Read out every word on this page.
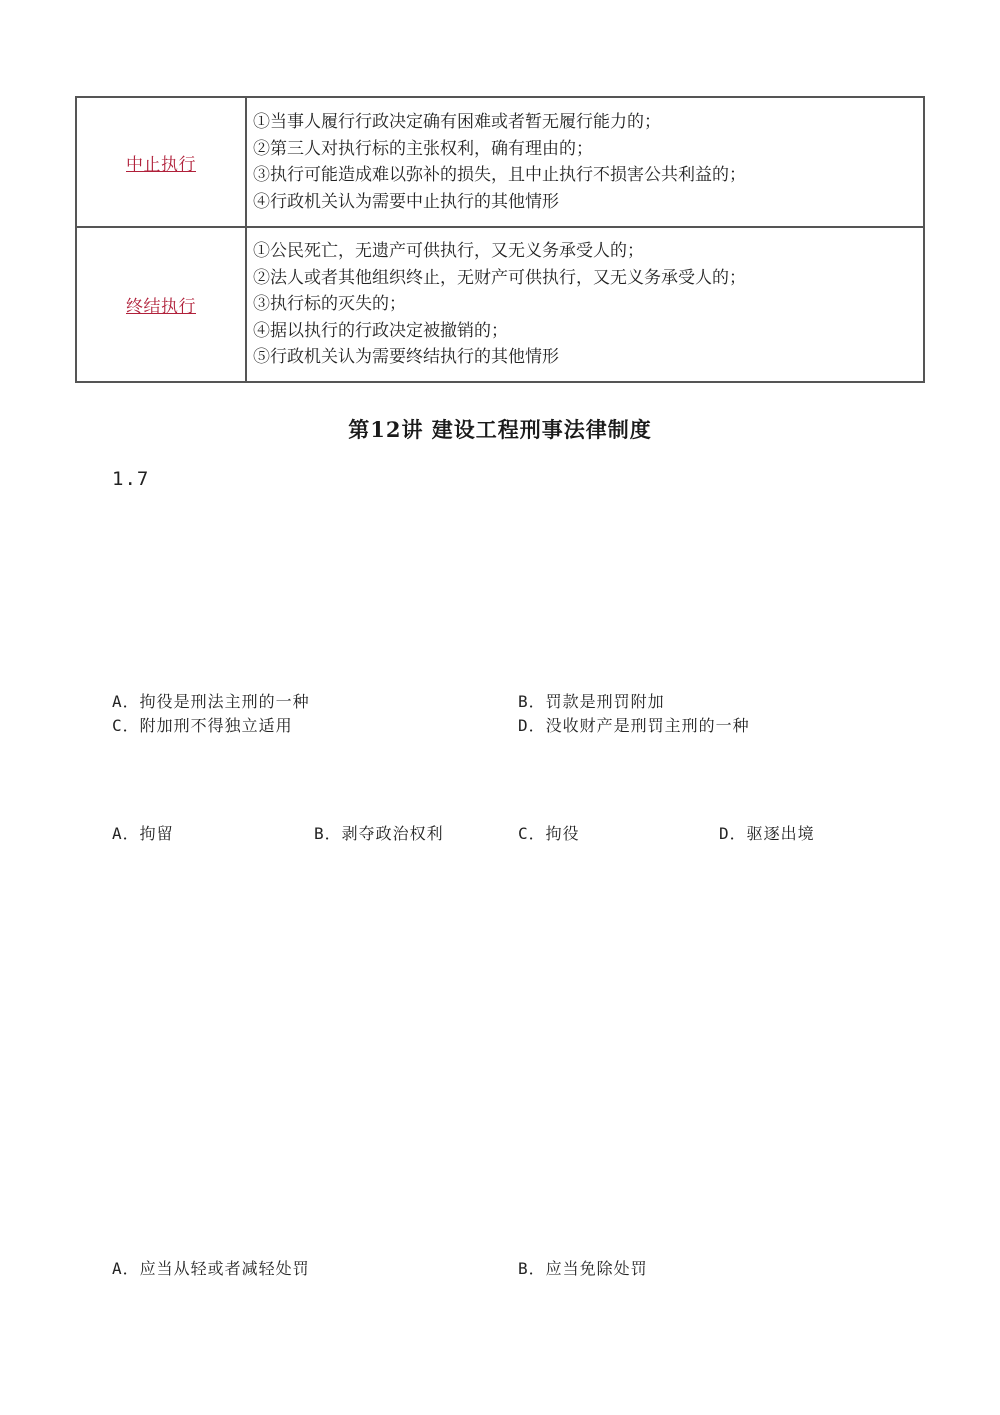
中止执行	①当事人履行行政决定确有困难或者暂无履行能力的；
②第三人对执行标的主张权利，确有理由的；
③执行可能造成难以弥补的损失，且中止执行不损害公共利益的；
④行政机关认为需要中止执行的其他情形

终结执行	①公民死亡，无遗产可供执行，又无义务承受人的；
②法人或者其他组织终止，无财产可供执行，又无义务承受人的；
③执行标的灭失的；
④据以执行的行政决定被撤销的；
⑤行政机关认为需要终结执行的其他情形
第12讲 建设工程刑事法律制度
1.7
A．拘役是刑法主刑的一种	B．罚款是刑罚附加
C．附加刑不得独立适用	D．没收财产是刑罚主刑的一种
A．拘留	B．剥夺政治权利	C．拘役	D．驱逐出境
A．应当从轻或者减轻处罚	B．应当免除处罚
